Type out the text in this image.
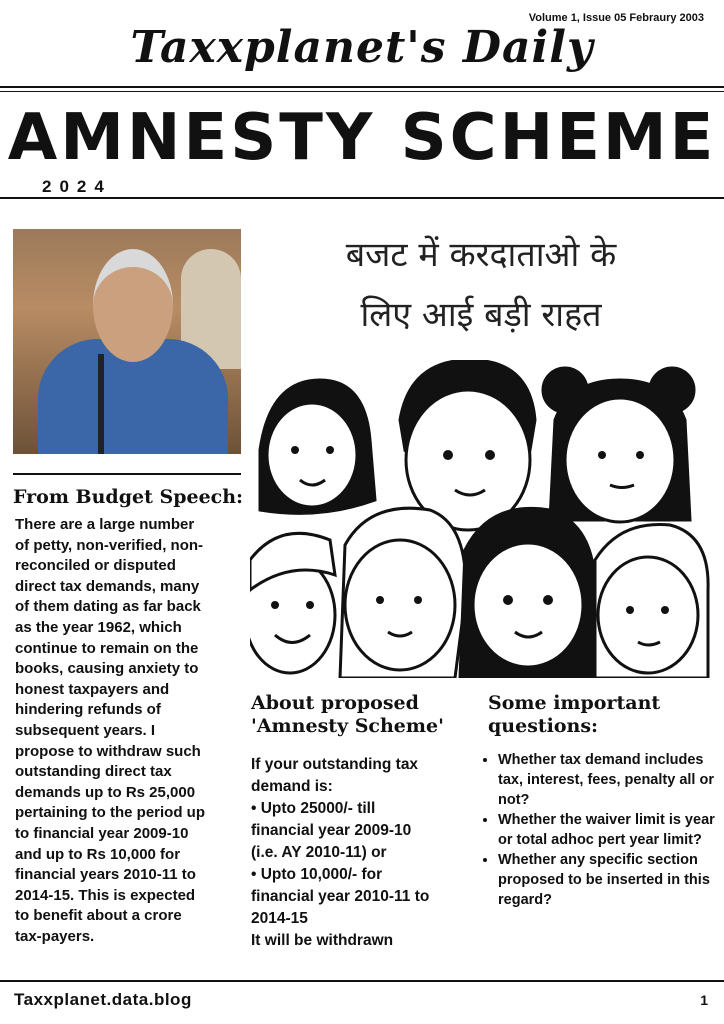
Volume 1, Issue 05 Febraury 2003
Taxxplanet's Daily
AMNESTY SCHEME
2024
From Budget Speech:
There are a large number
of petty, non-verified, non-
reconciled or disputed
direct tax demands, many
of them dating as far back
as the year 1962, which
continue to remain on the
books, causing anxiety to
honest taxpayers and
hindering refunds of
subsequent years. I
propose to withdraw such
outstanding direct tax
demands up to Rs 25,000
pertaining to the period up
to financial year 2009-10
and up to Rs 10,000 for
financial years 2010-11 to
2014-15. This is expected
to benefit about a crore
tax-payers.
बजट में करदाताओ के
लिए आई बड़ी राहत
About proposed
'Amnesty Scheme'
If your outstanding tax
demand is:
• Upto 25000/- till
financial year 2009-10
(i.e. AY 2010-11) or
• Upto 10,000/- for
financial year 2010-11 to
2014-15
It will be withdrawn
Some important
questions:
• Whether tax demand includes tax, interest, fees, penalty all or not?
• Whether the waiver limit is year or total adhoc pert year limit?
• Whether any specific section proposed to be inserted in this regard?
Taxxplanet.data.blog	1
